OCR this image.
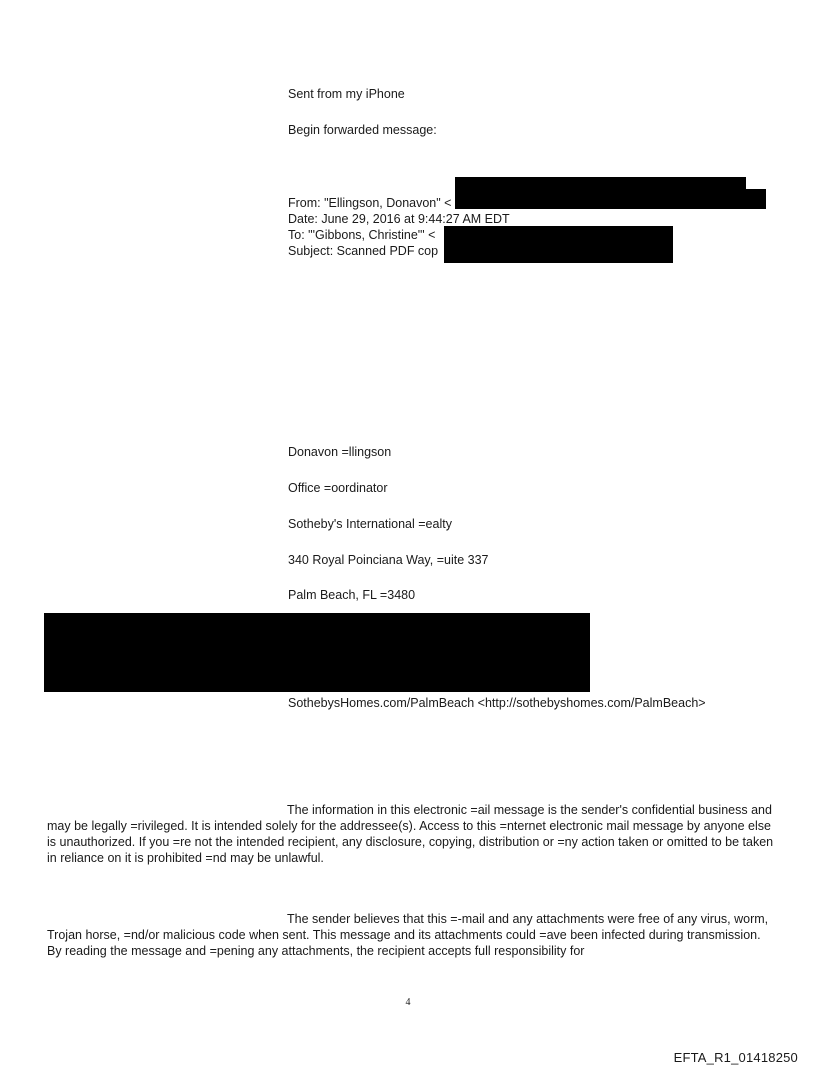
Sent from my iPhone
Begin forwarded message:
From: "Ellingson, Donavon" <
Date: June 29, 2016 at 9:44:27 AM EDT
To: "'Gibbons, Christine'" <
Subject: Scanned PDF cop
Donavon =llingson
Office =oordinator
Sotheby's International =ealty
340 Royal Poinciana Way, =uite 337
Palm Beach, FL =3480
SothebysHomes.com/PalmBeach <http://sothebyshomes.com/PalmBeach>

The information in this electronic =ail message is the sender's confidential business and may be legally =rivileged. It is intended solely for the addressee(s). Access to this =nternet electronic mail message by anyone else is unauthorized. If you =re not the intended recipient, any disclosure, copying, distribution or =ny action taken or omitted to be taken in reliance on it is prohibited =nd may be unlawful.

The sender believes that this =-mail and any attachments were free of any virus, worm, Trojan horse, =nd/or malicious code when sent. This message and its attachments could =ave been infected during transmission. By reading the message and =pening any attachments, the recipient accepts full responsibility for

4
EFTA_R1_01418250
